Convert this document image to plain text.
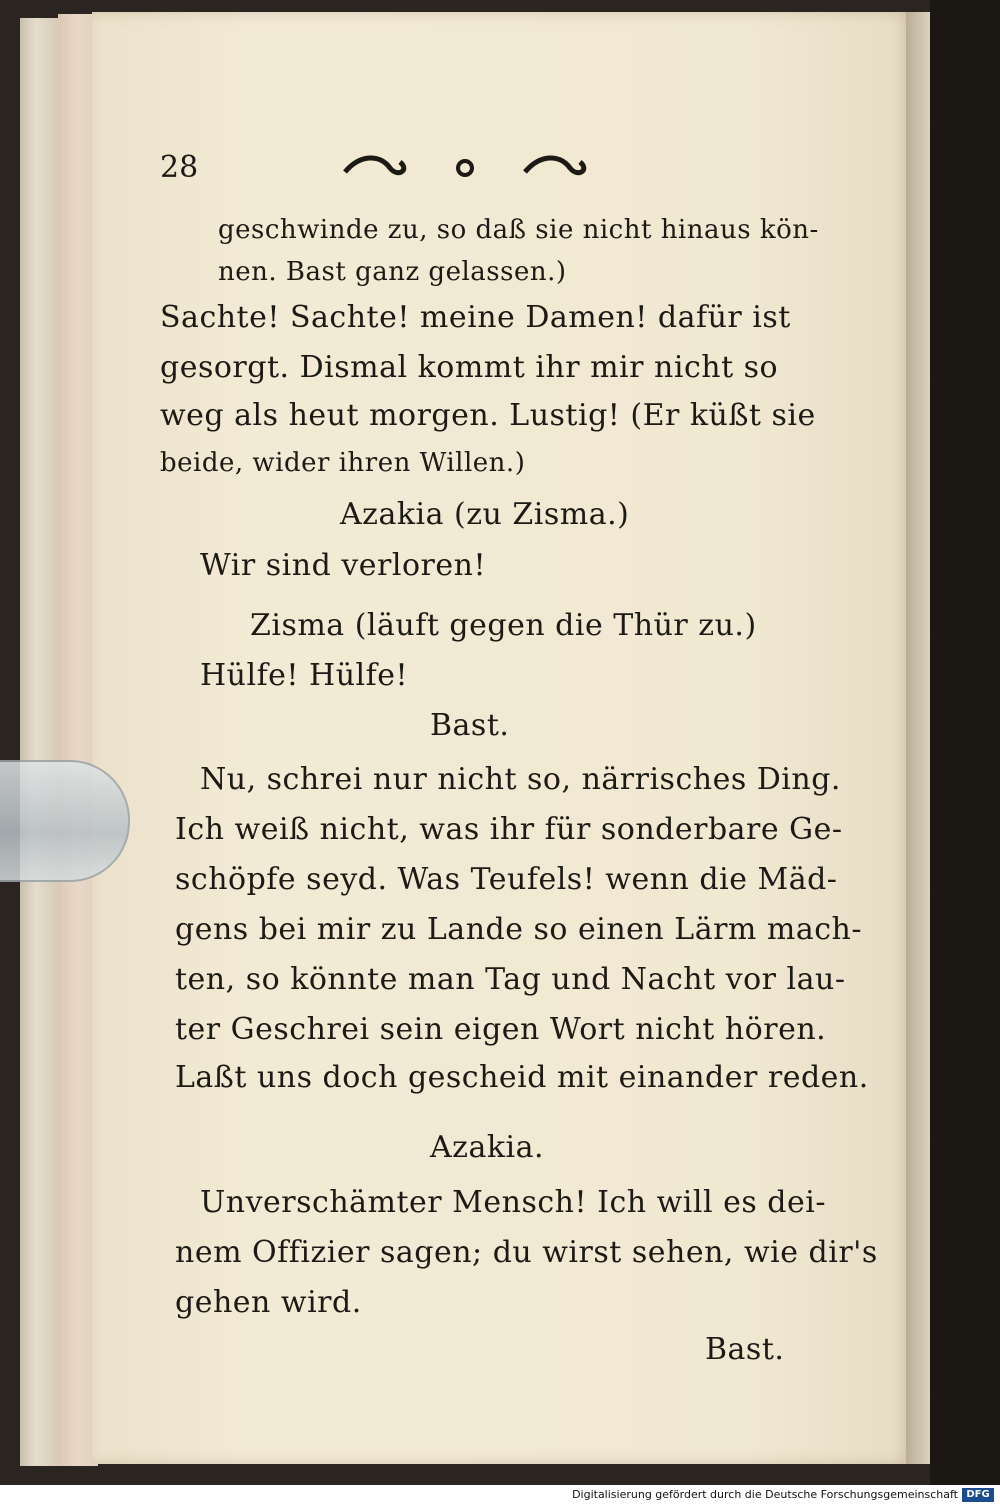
28
geschwinde zu, so daß sie nicht hinaus kön-
nen. Bast ganz gelassen.)
Sachte! Sachte! meine Damen! dafür ist
gesorgt. Dismal kommt ihr mir nicht so
weg als heut morgen. Lustig! (Er küßt sie
beide, wider ihren Willen.)
Azakia (zu Zisma.)
Wir sind verloren!
Zisma (läuft gegen die Thür zu.)
Hülfe! Hülfe!
Bast.
Nu, schrei nur nicht so, närrisches Ding.
Ich weiß nicht, was ihr für sonderbare Ge-
schöpfe seyd. Was Teufels! wenn die Mäd-
gens bei mir zu Lande so einen Lärm mach-
ten, so könnte man Tag und Nacht vor lau-
ter Geschrei sein eigen Wort nicht hören.
Laßt uns doch gescheid mit einander reden.
Azakia.
Unverschämter Mensch! Ich will es dei-
nem Offizier sagen; du wirst sehen, wie dir's
gehen wird.
Bast.
Digitalisierung gefördert durch die Deutsche Forschungsgemeinschaft DFG
